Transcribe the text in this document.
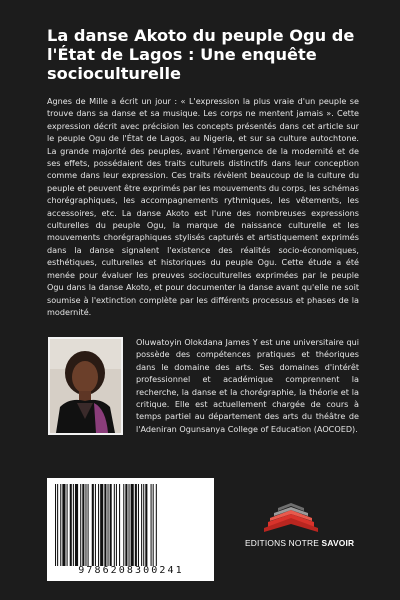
La danse Akoto du peuple Ogu de l'État de Lagos : Une enquête socioculturelle

Agnes de Mille a écrit un jour : « L'expression la plus vraie d'un peuple se trouve dans sa danse et sa musique. Les corps ne mentent jamais ». Cette expression décrit avec précision les concepts présentés dans cet article sur le peuple Ogu de l'État de Lagos, au Nigeria, et sur sa culture autochtone. La grande majorité des peuples, avant l'émergence de la modernité et de ses effets, possédaient des traits culturels distinctifs dans leur conception comme dans leur expression. Ces traits révèlent beaucoup de la culture du peuple et peuvent être exprimés par les mouvements du corps, les schémas chorégraphiques, les accompagnements rythmiques, les vêtements, les accessoires, etc. La danse Akoto est l'une des nombreuses expressions culturelles du peuple Ogu, la marque de naissance culturelle et les mouvements chorégraphiques stylisés capturés et artistiquement exprimés dans la danse signalent l'existence des réalités socio-économiques, esthétiques, culturelles et historiques du peuple Ogu. Cette étude a été menée pour évaluer les preuves socioculturelles exprimées par le peuple Ogu dans la danse Akoto, et pour documenter la danse avant qu'elle ne soit soumise à l'extinction complète par les différents processus et phases de la modernité.

Oluwatoyin Olokdana James Y est une universitaire qui possède des compétences pratiques et théoriques dans le domaine des arts. Ses domaines d'intérêt professionnel et académique comprennent la recherche, la danse et la chorégraphie, la théorie et la critique. Elle est actuellement chargée de cours à temps partiel au département des arts du théâtre de l'Adeniran Ogunsanya College of Education (AOCOED).

9786208300241
EDITIONS NOTRE SAVOIR
